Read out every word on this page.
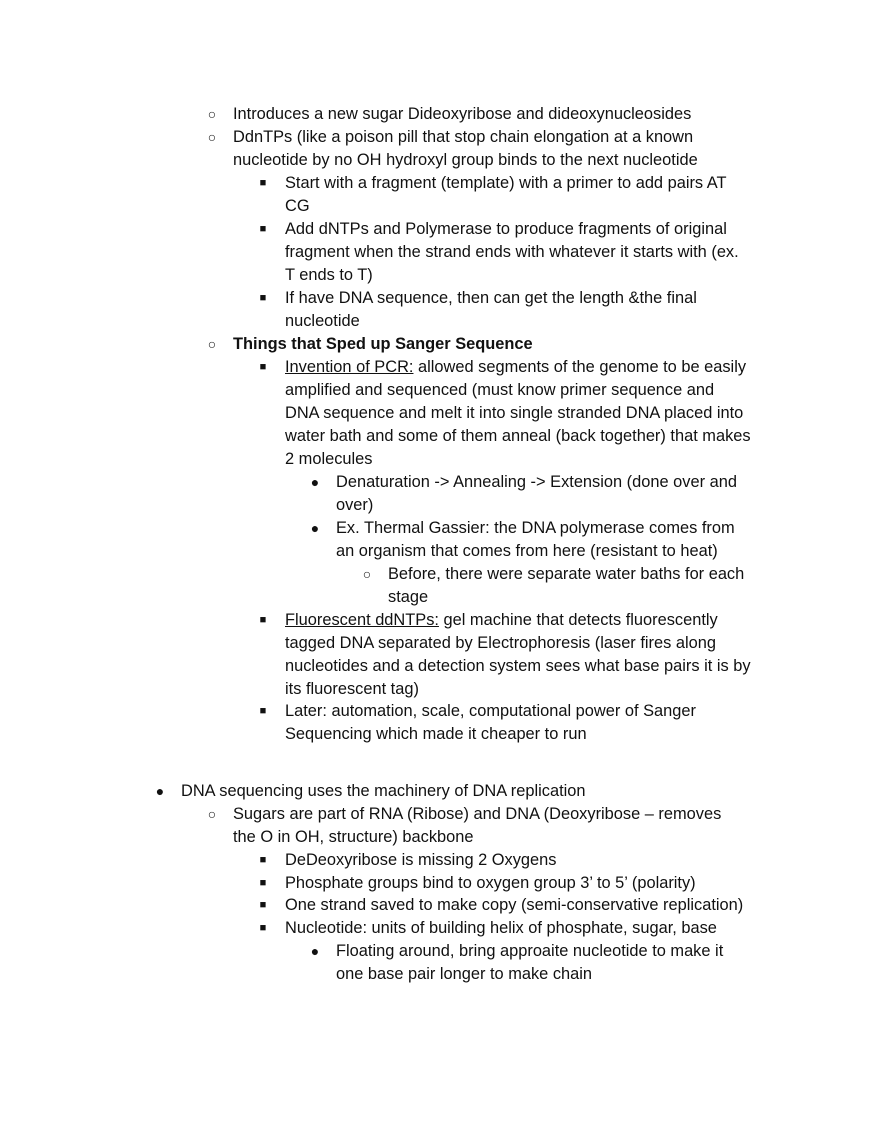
○	Introduces a new sugar Dideoxyribose and dideoxynucleosides
○	DdnTPs (like a poison pill that stop chain elongation at a known
nucleotide by no OH hydroxyl group binds to the next nucleotide
■	Start with a fragment (template) with a primer to add pairs AT
CG
■	Add dNTPs and Polymerase to produce fragments of original
fragment when the strand ends with whatever it starts with (ex.
T ends to T)
■	If have DNA sequence, then can get the length &the final
nucleotide
○	Things that Sped up Sanger Sequence
■	Invention of PCR: allowed segments of the genome to be easily
amplified and sequenced (must know primer sequence and
DNA sequence and melt it into single stranded DNA placed into
water bath and some of them anneal (back together) that makes
2 molecules
●	Denaturation -> Annealing -> Extension (done over and
over)
●	Ex. Thermal Gassier: the DNA polymerase comes from
an organism that comes from here (resistant to heat)
○	Before, there were separate water baths for each
stage
■	Fluorescent ddNTPs: gel machine that detects fluorescently
tagged DNA separated by Electrophoresis (laser fires along
nucleotides and a detection system sees what base pairs it is by
its fluorescent tag)
■	Later: automation, scale, computational power of Sanger
Sequencing which made it cheaper to run
●	DNA sequencing uses the machinery of DNA replication
○	Sugars are part of RNA (Ribose) and DNA (Deoxyribose – removes
the O in OH, structure) backbone
■	DeDeoxyribose is missing 2 Oxygens
■	Phosphate groups bind to oxygen group 3’ to 5’ (polarity)
■	One strand saved to make copy (semi-conservative replication)
■	Nucleotide: units of building helix of phosphate, sugar, base
●	Floating around, bring approaite nucleotide to make it
one base pair longer to make chain
